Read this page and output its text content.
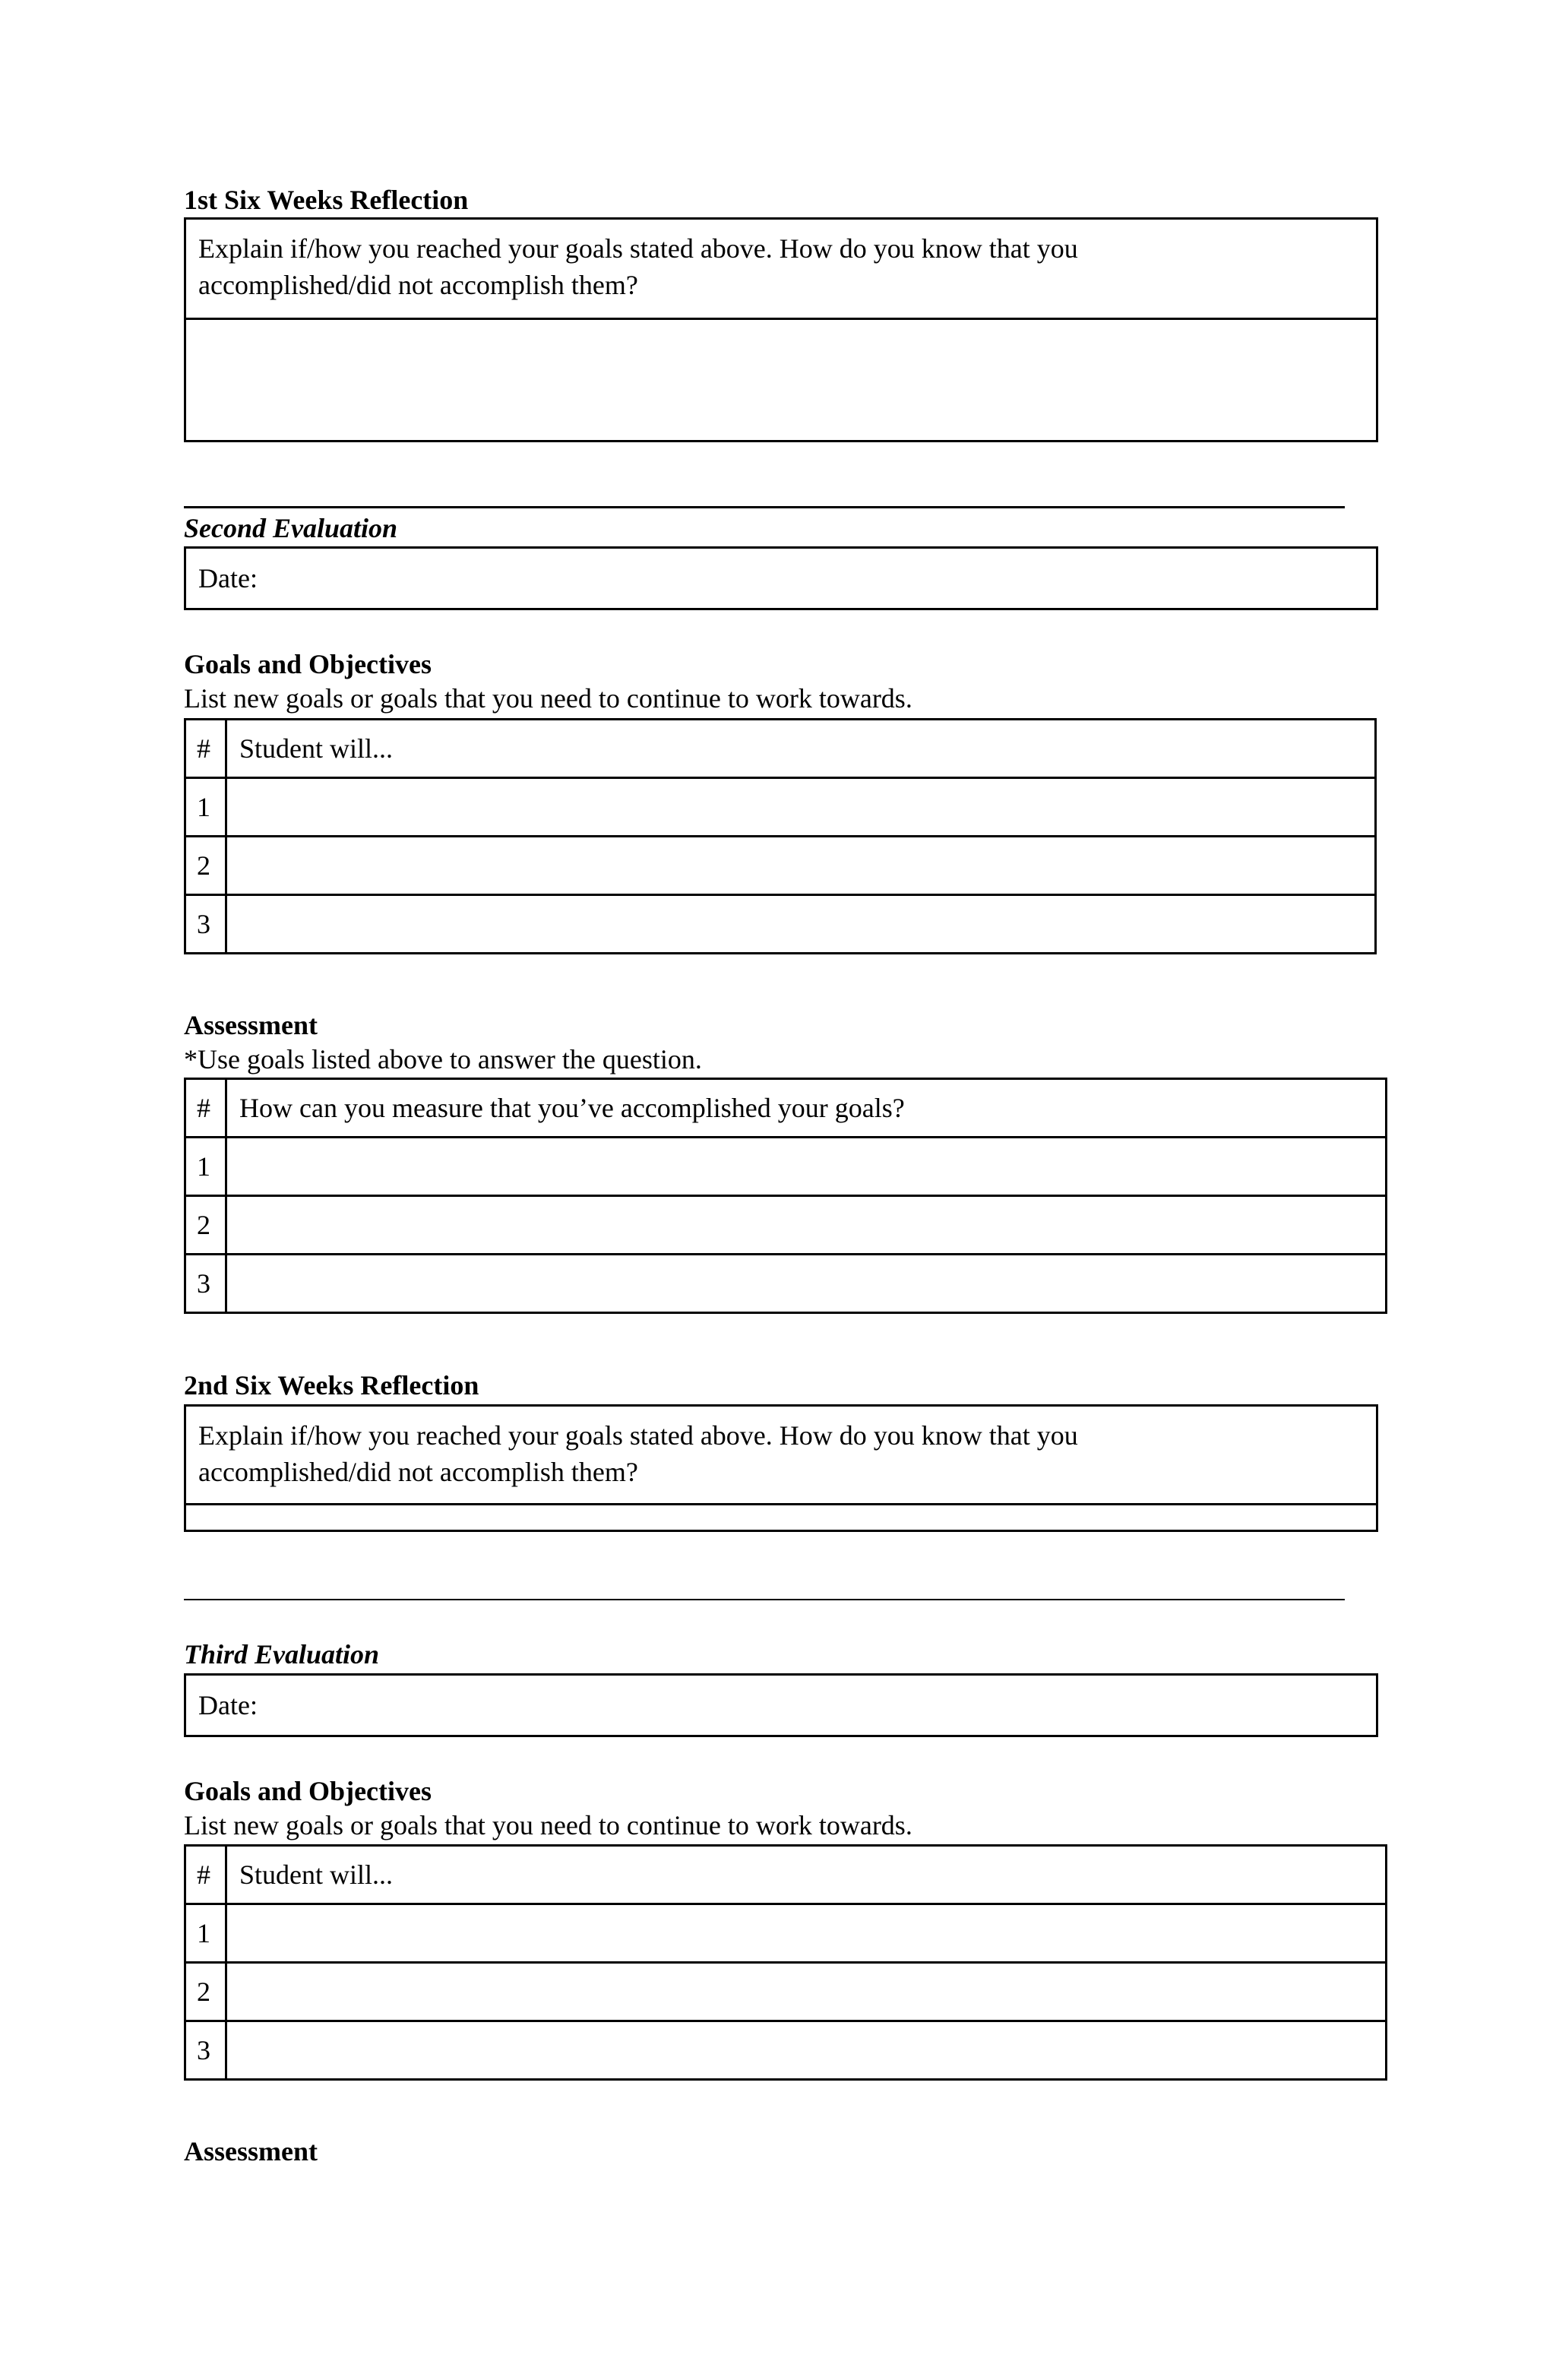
1st Six Weeks Reflection
Explain if/how you reached your goals stated above. How do you know that you
accomplished/did not accomplish them?
Second Evaluation
Date:
Goals and Objectives
List new goals or goals that you need to continue to work towards.
#	Student will...
1	
2	
3	
Assessment
*Use goals listed above to answer the question.
#	How can you measure that you’ve accomplished your goals?
1	
2	
3	
2nd Six Weeks Reflection
Explain if/how you reached your goals stated above. How do you know that you
accomplished/did not accomplish them?
Third Evaluation
Date:
Goals and Objectives
List new goals or goals that you need to continue to work towards.
#	Student will...
1	
2	
3	
Assessment
